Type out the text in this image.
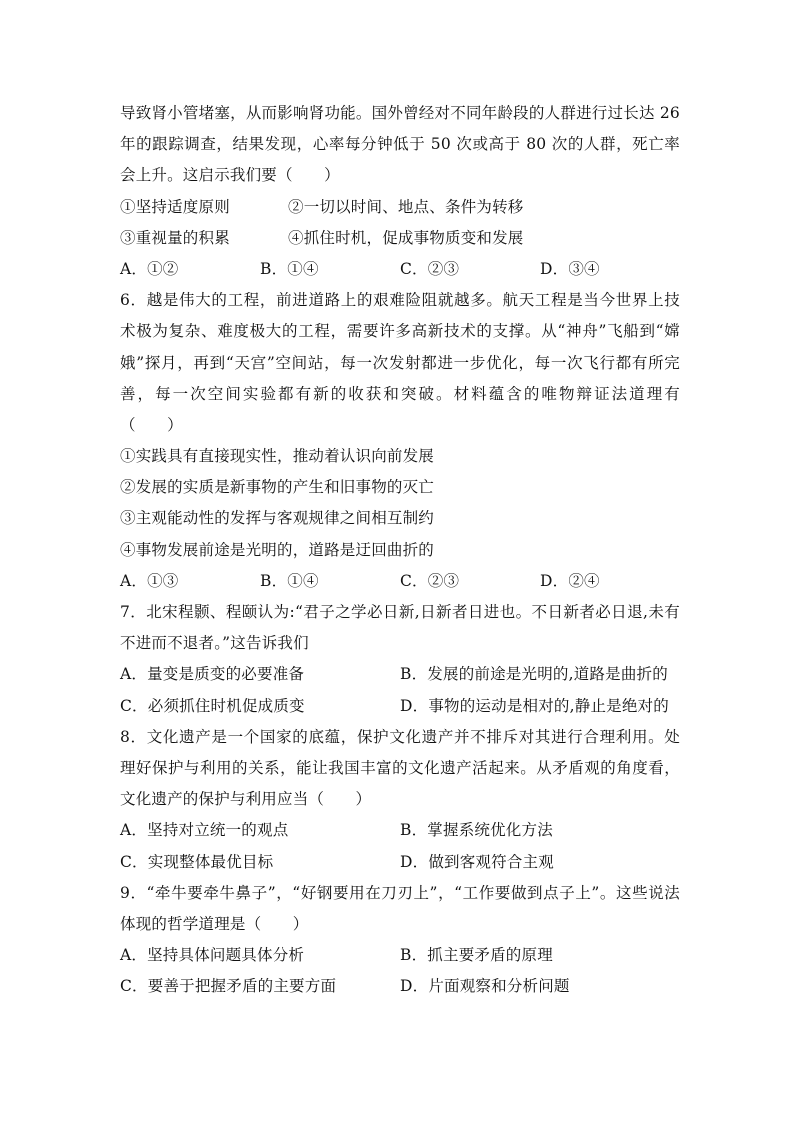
导致肾小管堵塞，从而影响肾功能。国外曾经对不同年龄段的人群进行过长达 26
年的跟踪调查，结果发现，心率每分钟低于 50 次或高于 80 次的人群，死亡率
会上升。这启示我们要（　　）
①坚持适度原则	②一切以时间、地点、条件为转移
③重视量的积累	④抓住时机，促成事物质变和发展
A．①②	B．①④	C．②③	D．③④
6．越是伟大的工程，前进道路上的艰难险阻就越多。航天工程是当今世界上技
术极为复杂、难度极大的工程，需要许多高新技术的支撑。从“神舟”飞船到“嫦
娥”探月，再到“天宫”空间站，每一次发射都进一步优化，每一次飞行都有所完
善，每一次空间实验都有新的收获和突破。材料蕴含的唯物辩证法道理有
（　　）
①实践具有直接现实性，推动着认识向前发展
②发展的实质是新事物的产生和旧事物的灭亡
③主观能动性的发挥与客观规律之间相互制约
④事物发展前途是光明的，道路是迂回曲折的
A．①③	B．①④	C．②③	D．②④
7．北宋程颢、程颐认为:“君子之学必日新,日新者日进也。不日新者必日退,未有
不进而不退者。”这告诉我们
A．量变是质变的必要准备	B．发展的前途是光明的,道路是曲折的
C．必须抓住时机促成质变	D．事物的运动是相对的,静止是绝对的
8．文化遗产是一个国家的底蕴，保护文化遗产并不排斥对其进行合理利用。处
理好保护与利用的关系，能让我国丰富的文化遗产活起来。从矛盾观的角度看，
文化遗产的保护与利用应当（　　）
A．坚持对立统一的观点	B．掌握系统优化方法
C．实现整体最优目标	D．做到客观符合主观
9．“牵牛要牵牛鼻子”，“好钢要用在刀刃上”，“工作要做到点子上”。这些说法
体现的哲学道理是（　　）
A．坚持具体问题具体分析	B．抓主要矛盾的原理
C．要善于把握矛盾的主要方面	D．片面观察和分析问题
